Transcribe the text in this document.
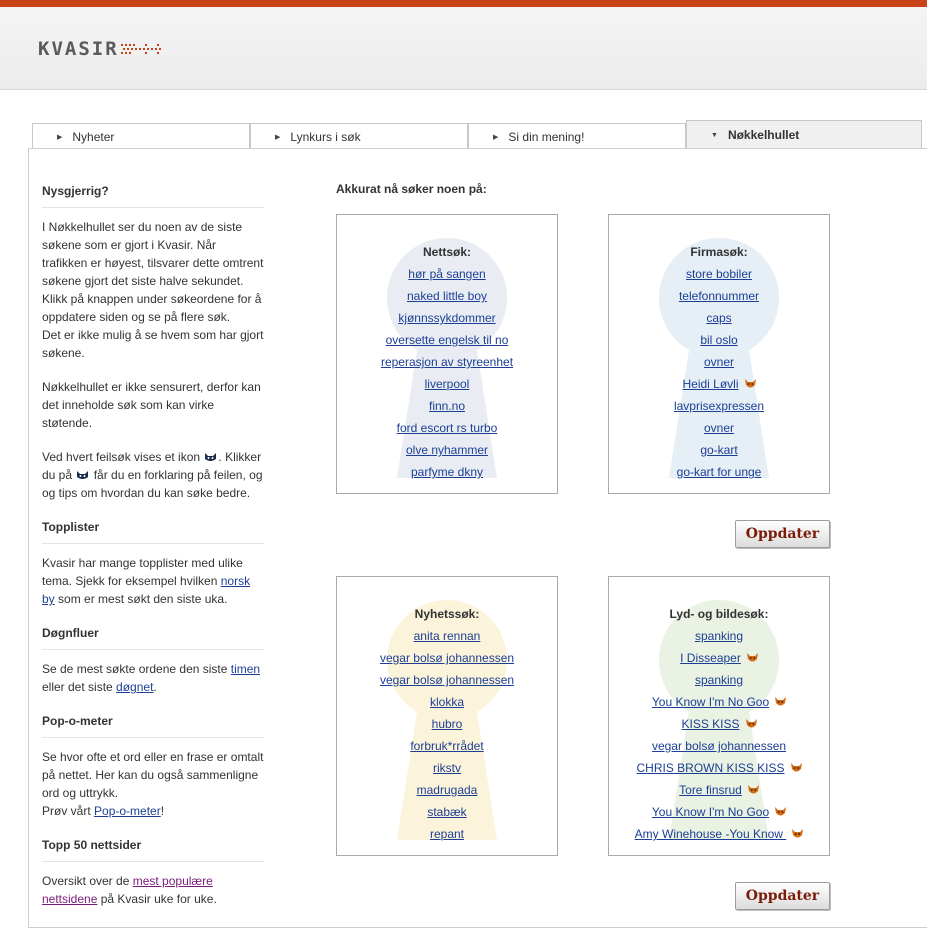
KVASIR
▶ Nyheter	▶ Lynkurs i søk	▶ Si din mening!	▼ Nøkkelhullet
Nysgjerrig?

I Nøkkelhullet ser du noen av de siste søkene som er gjort i Kvasir. Når trafikken er høyest, tilsvarer dette omtrent søkene gjort det siste halve sekundet. Klikk på knappen under søkeordene for å oppdatere siden og se på flere søk.

Det er ikke mulig å se hvem som har gjort søkene.

Nøkkelhullet er ikke sensurert, derfor kan det inneholde søk som kan virke støtende.

Ved hvert feilsøk vises et ikon . Klikker du på får du en forklaring på feilen, og og tips om hvordan du kan søke bedre.

Topplister

Kvasir har mange topplister med ulike tema. Sjekk for eksempel hvilken norsk by som er mest søkt den siste uka.

Døgnfluer

Se de mest søkte ordene den siste timen eller det siste døgnet.

Pop-o-meter

Se hvor ofte et ord eller en frase er omtalt på nettet. Her kan du også sammenligne ord og uttrykk.

Prøv vårt Pop-o-meter!

Topp 50 nettsider

Oversikt over de mest populære nettsidene på Kvasir uke for uke.

Akkurat nå søker noen på:
Nettsøk:
hør på sangen
naked little boy
kjønnssykdommer
oversette engelsk til no
reperasjon av styreenhet
liverpool
finn.no
ford escort rs turbo
olve nyhammer
parfyme dkny
Firmasøk:
store bobiler
telefonnummer
caps
bil oslo
ovner
Heidi Løvli
lavprisexpressen
ovner
go-kart
go-kart for unge
Oppdater
Nyhetssøk:
anita rennan
vegar bolsø johannessen
vegar bolsø johannessen
klokka
hubro
forbruk*rrådet
rikstv
madrugada
stabæk
repant
Lyd- og bildesøk:
spanking
I Disseaper
spanking
You Know I'm No Goo
KISS KISS
vegar bolsø johannessen
CHRIS BROWN KISS KISS
Tore finsrud
You Know I'm No Goo
Amy Winehouse -You Know
Oppdater
